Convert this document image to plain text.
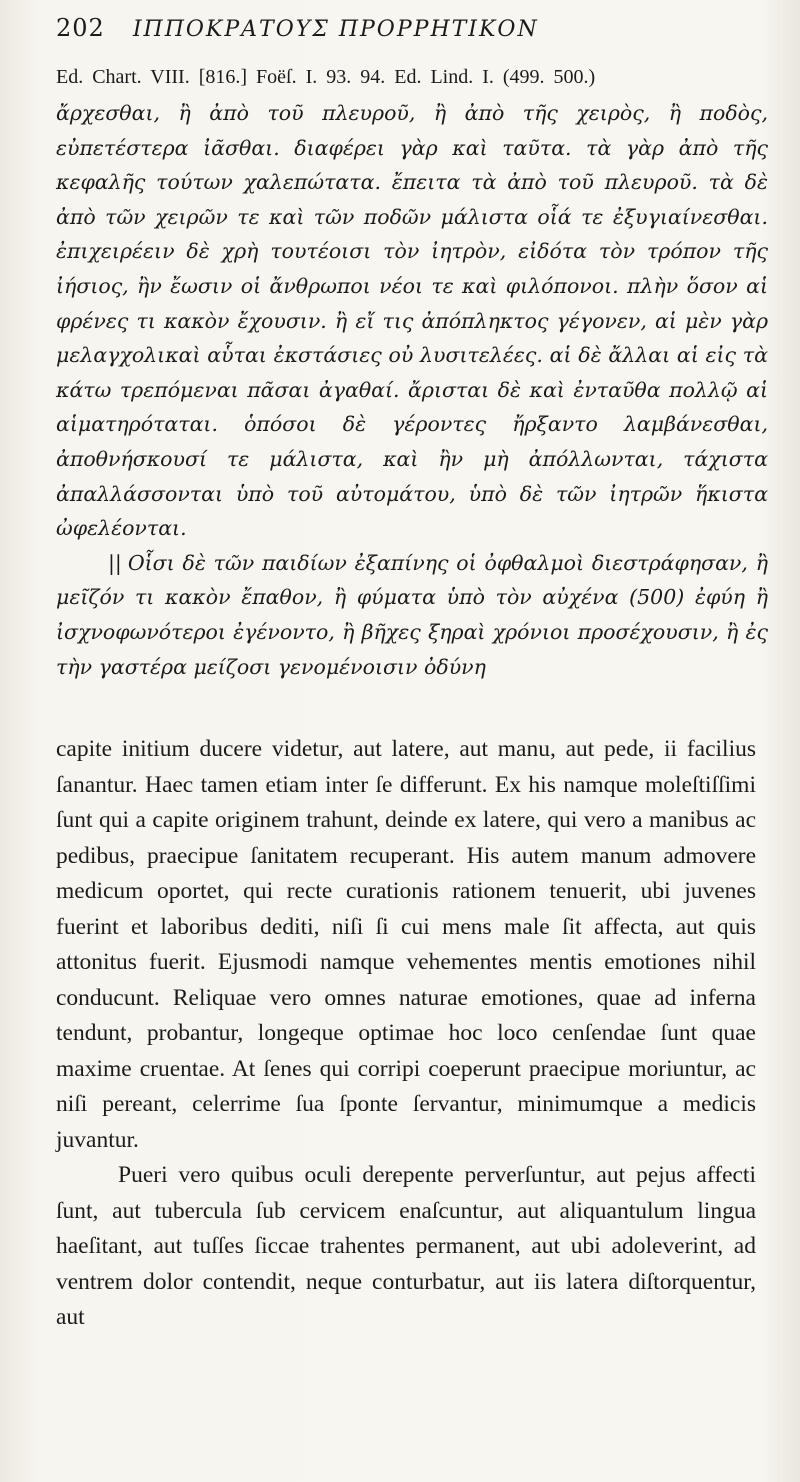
202 ΙΠΠΟΚΡΑΤΟΥΣ ΠΡΟΡΡΗΤΙΚΟΝ
Ed. Chart. VIII. [816.] Foëſ. I. 93. 94. Ed. Lind. I. (499. 500.)

ἄρχεσθαι, ἢ ἀπὸ τοῦ πλευροῦ, ἢ ἀπὸ τῆς χειρὸς, ἢ ποδὸς, εὐπετέστερα ἰᾶσθαι. διαφέρει γὰρ καὶ ταῦτα. τὰ γὰρ ἀπὸ τῆς κεφαλῆς τούτων χαλεπώτατα. ἔπειτα τὰ ἀπὸ τοῦ πλευροῦ. τὰ δὲ ἀπὸ τῶν χειρῶν τε καὶ τῶν ποδῶν μάλιστα οἷά τε ἐξυγιαίνεσθαι. ἐπιχειρέειν δὲ χρὴ τουτέοισι τὸν ἰητρὸν, εἰδότα τὸν τρόπον τῆς ἰήσιος, ἢν ἔωσιν οἱ ἄνθρωποι νέοι τε καὶ φιλόπονοι. πλὴν ὅσον αἱ φρένες τι κακὸν ἔχουσιν. ἢ εἴ τις ἀπόπληκτος γέγονεν, αἱ μὲν γὰρ μελαγχολικαὶ αὗται ἐκστάσιες οὐ λυσιτελέες. αἱ δὲ ἄλλαι αἱ εἰς τὰ κάτω τρεπόμεναι πᾶσαι ἀγαθαί. ἄρισται δὲ καὶ ἐνταῦθα πολλῷ αἱ αἱματηρόταται. ὁπόσοι δὲ γέροντες ἤρξαντο λαμβάνεσθαι, ἀποθνήσκουσί τε μάλιστα, καὶ ἢν μὴ ἀπόλλωνται, τάχιστα ἀπαλλάσσονται ὑπὸ τοῦ αὐτομάτου, ὑπὸ δὲ τῶν ἰητρῶν ἥκιστα ὠφελέονται.

|| Οἷσι δὲ τῶν παιδίων ἐξαπίνης οἱ ὀφθαλμοὶ διεστράφησαν, ἢ μεῖζόν τι κακὸν ἔπαθον, ἢ φύματα ὑπὸ τὸν αὐχένα (500) ἐφύη ἢ ἰσχνοφωνότεροι ἐγένοντο, ἢ βῆχες ξηραὶ χρόνιοι προσέχουσιν, ἢ ἐς τὴν γαστέρα μείζοσι γενομένοισιν ὀδύνη

capite initium ducere videtur, aut latere, aut manu, aut pede, ii facilius ſanantur. Haec tamen etiam inter ſe differunt. Ex his namque moleſtiſſimi ſunt qui a capite originem trahunt, deinde ex latere, qui vero a manibus ac pedibus, praecipue ſanitatem recuperant. His autem manum admovere medicum oportet, qui recte curationis rationem tenuerit, ubi juvenes fuerint et laboribus dediti, niſi ſi cui mens male ſit affecta, aut quis attonitus fuerit. Ejusmodi namque vehementes mentis emotiones nihil conducunt. Reliquae vero omnes naturae emotiones, quae ad inferna tendunt, probantur, longeque optimae hoc loco cenſendae ſunt quae maxime cruentae. At ſenes qui corripi coeperunt praecipue moriuntur, ac niſi pereant, celerrime ſua ſponte ſervantur, minimumque a medicis juvantur.

Pueri vero quibus oculi derepente perverſuntur, aut pejus affecti ſunt, aut tubercula ſub cervicem enaſcuntur, aut aliquantulum lingua haeſitant, aut tuſſes ſiccae trahentes permanent, aut ubi adoleverint, ad ventrem dolor contendit, neque conturbatur, aut iis latera diſtorquentur, aut
